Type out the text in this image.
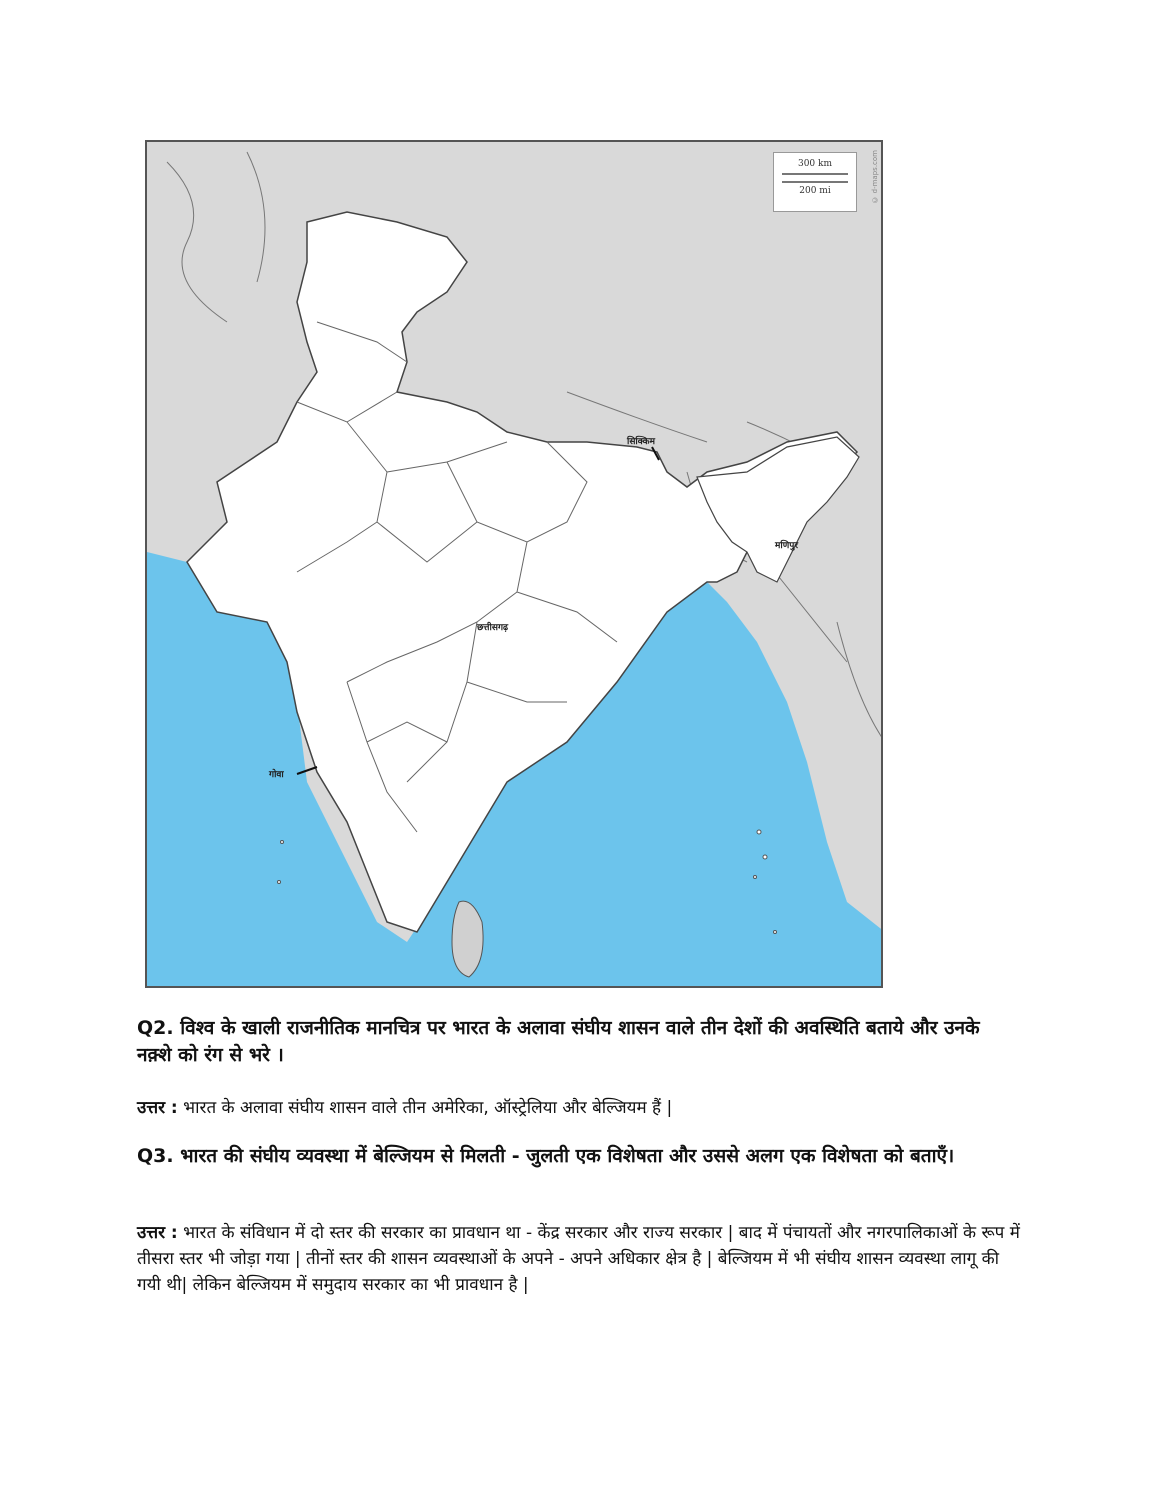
300 km
200 mi	© d-maps.com
सिक्किम
मणिपुर
छत्तीसगढ़
गोवा
Q2. विश्व के खाली राजनीतिक मानचित्र पर भारत के अलावा संघीय शासन वाले तीन देशों की अवस्थिति बताये और उनके नक़्शे को रंग से भरे ।
उत्तर : भारत के अलावा संघीय शासन वाले तीन अमेरिका, ऑस्ट्रेलिया और बेल्जियम हैं |
Q3. भारत की संघीय व्यवस्था में बेल्जियम से मिलती - जुलती एक विशेषता और उससे अलग एक विशेषता को बताएँ।
उत्तर : भारत के संविधान में दो स्तर की सरकार का प्रावधान था - केंद्र सरकार और राज्य सरकार | बाद में पंचायतों और नगरपालिकाओं के रूप में तीसरा स्तर भी जोड़ा गया | तीनों स्तर की शासन व्यवस्थाओं के अपने - अपने अधिकार क्षेत्र है | बेल्जियम में भी संघीय शासन व्यवस्था लागू की गयी थी| लेकिन बेल्जियम में समुदाय सरकार का भी प्रावधान है |
